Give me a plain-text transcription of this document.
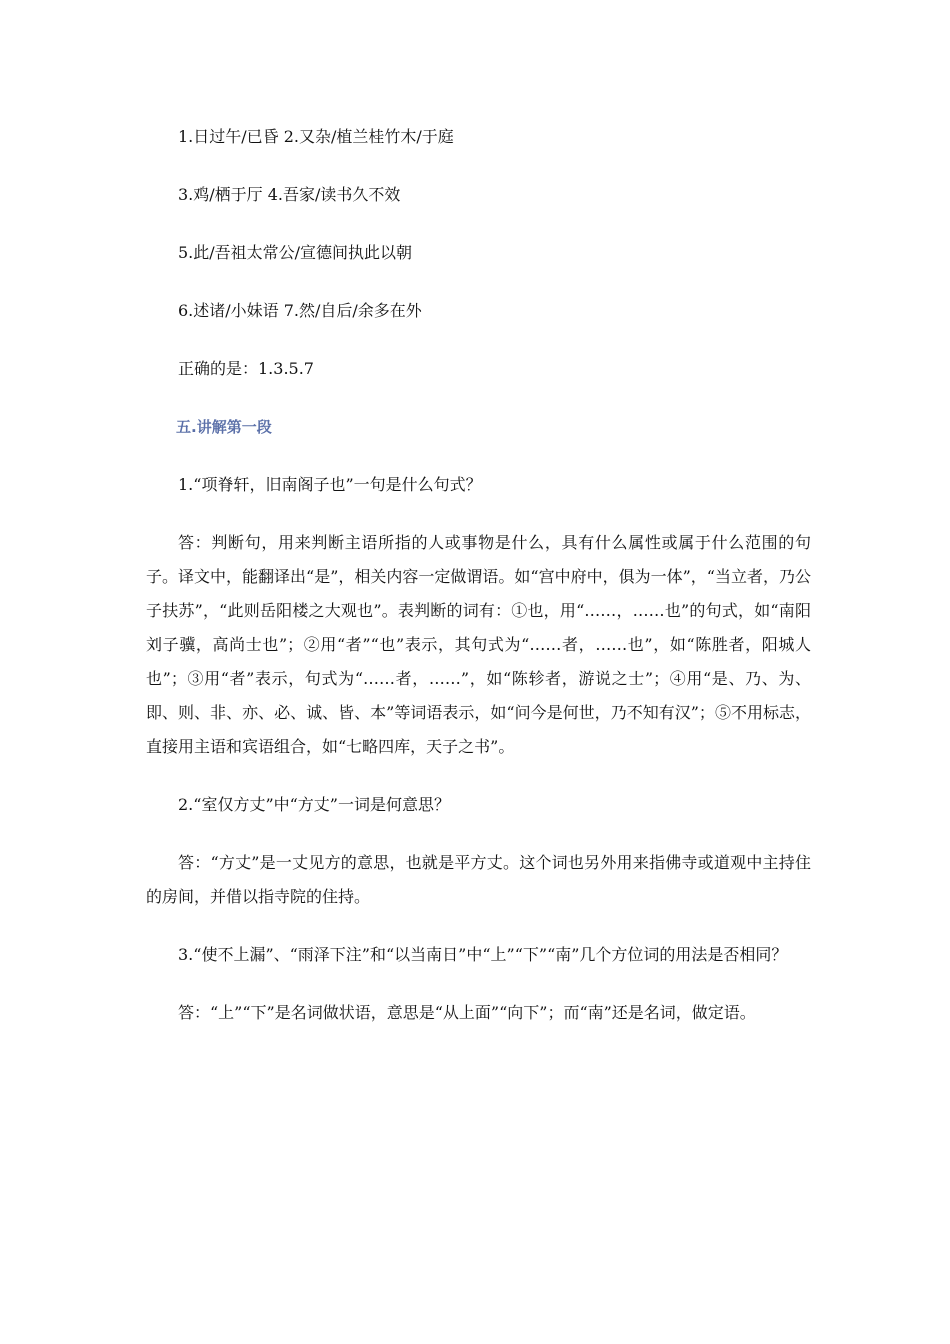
1.日过午/已昏 2.又杂/植兰桂竹木/于庭

3.鸡/栖于厅 4.吾家/读书久不效

5.此/吾祖太常公/宣德间执此以朝

6.述诸/小妹语 7.然/自后/余多在外

正确的是：1.3.5.7

五.讲解第一段

1.“项脊轩，旧南阁子也”一句是什么句式？

答：判断句，用来判断主语所指的人或事物是什么，具有什么属性或属于什么范围的句子。译文中，能翻译出“是”，相关内容一定做谓语。如“宫中府中，俱为一体”，“当立者，乃公子扶苏”，“此则岳阳楼之大观也”。表判断的词有：①也，用“……，……也”的句式，如“南阳刘子骥，高尚士也”；②用“者”“也”表示，其句式为“……者，……也”，如“陈胜者，阳城人也”；③用“者”表示，句式为“……者，……”，如“陈轸者，游说之士”；④用“是、乃、为、即、则、非、亦、必、诚、皆、本”等词语表示，如“问今是何世，乃不知有汉”；⑤不用标志，直接用主语和宾语组合，如“七略四库，天子之书”。

2.“室仅方丈”中“方丈”一词是何意思？

答：“方丈”是一丈见方的意思，也就是平方丈。这个词也另外用来指佛寺或道观中主持住的房间，并借以指寺院的住持。

3.“使不上漏”、“雨泽下注”和“以当南日”中“上”“下”“南”几个方位词的用法是否相同？

答：“上”“下”是名词做状语，意思是“从上面”“向下”；而“南”还是名词，做定语。
